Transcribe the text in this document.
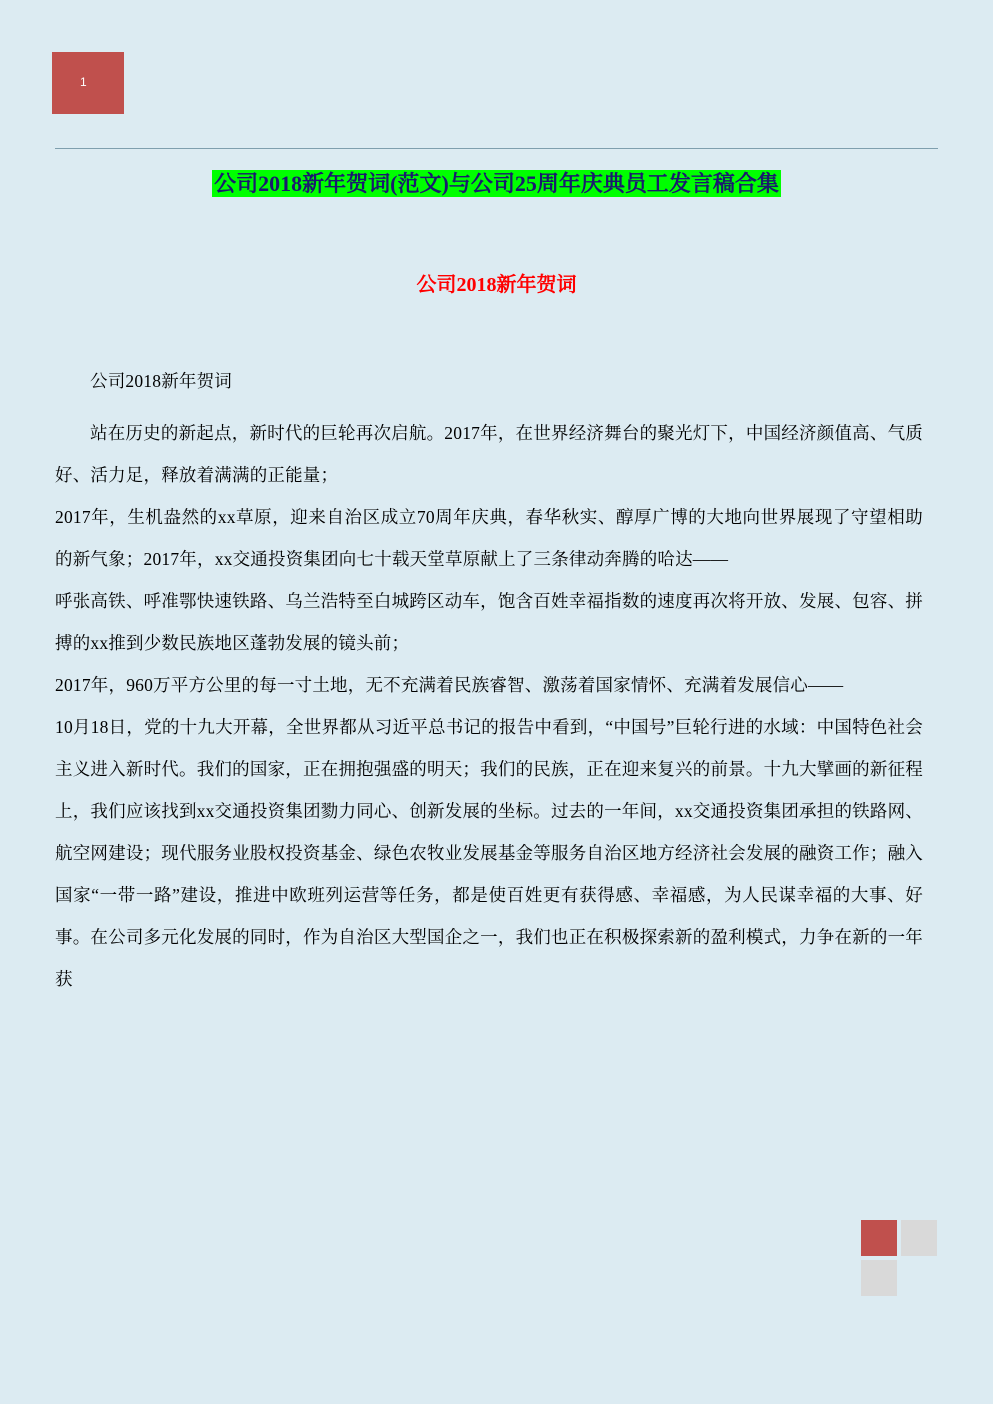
1
公司2018新年贺词(范文)与公司25周年庆典员工发言稿合集
公司2018新年贺词

公司2018新年贺词

站在历史的新起点，新时代的巨轮再次启航。2017年，在世界经济舞台的聚光灯下，中国经济颜值高、气质好、活力足，释放着满满的正能量；

2017年，生机盎然的xx草原，迎来自治区成立70周年庆典，春华秋实、醇厚广博的大地向世界展现了守望相助的新气象；2017年，xx交通投资集团向七十载天堂草原献上了三条律动奔腾的哈达——

呼张高铁、呼准鄂快速铁路、乌兰浩特至白城跨区动车，饱含百姓幸福指数的速度再次将开放、发展、包容、拼搏的xx推到少数民族地区蓬勃发展的镜头前；

2017年，960万平方公里的每一寸土地，无不充满着民族睿智、激荡着国家情怀、充满着发展信心——

10月18日，党的十九大开幕，全世界都从习近平总书记的报告中看到，“中国号”巨轮行进的水域：中国特色社会主义进入新时代。我们的国家，正在拥抱强盛的明天；我们的民族，正在迎来复兴的前景。十九大擘画的新征程上，我们应该找到xx交通投资集团勠力同心、创新发展的坐标。过去的一年间，xx交通投资集团承担的铁路网、航空网建设；现代服务业股权投资基金、绿色农牧业发展基金等服务自治区地方经济社会发展的融资工作；融入国家“一带一路”建设，推进中欧班列运营等任务，都是使百姓更有获得感、幸福感，为人民谋幸福的大事、好事。在公司多元化发展的同时，作为自治区大型国企之一，我们也正在积极探索新的盈利模式，力争在新的一年获
